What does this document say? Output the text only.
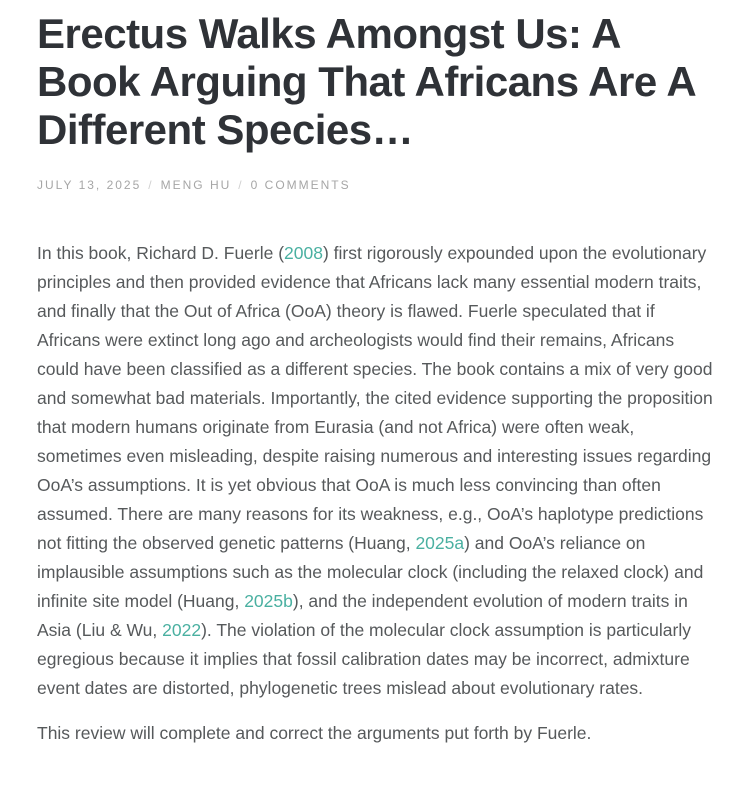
Erectus Walks Amongst Us: A Book Arguing That Africans Are A Different Species…
JULY 13, 2025 / MENG HU / 0 COMMENTS

In this book, Richard D. Fuerle (2008) first rigorously expounded upon the evolutionary principles and then provided evidence that Africans lack many essential modern traits, and finally that the Out of Africa (OoA) theory is flawed. Fuerle speculated that if Africans were extinct long ago and archeologists would find their remains, Africans could have been classified as a different species. The book contains a mix of very good and somewhat bad materials. Importantly, the cited evidence supporting the proposition that modern humans originate from Eurasia (and not Africa) were often weak, sometimes even misleading, despite raising numerous and interesting issues regarding OoA’s assumptions. It is yet obvious that OoA is much less convincing than often assumed. There are many reasons for its weakness, e.g., OoA’s haplotype predictions not fitting the observed genetic patterns (Huang, 2025a) and OoA’s reliance on implausible assumptions such as the molecular clock (including the relaxed clock) and infinite site model (Huang, 2025b), and the independent evolution of modern traits in Asia (Liu & Wu, 2022). The violation of the molecular clock assumption is particularly egregious because it implies that fossil calibration dates may be incorrect, admixture event dates are distorted, phylogenetic trees mislead about evolutionary rates.

This review will complete and correct the arguments put forth by Fuerle.
